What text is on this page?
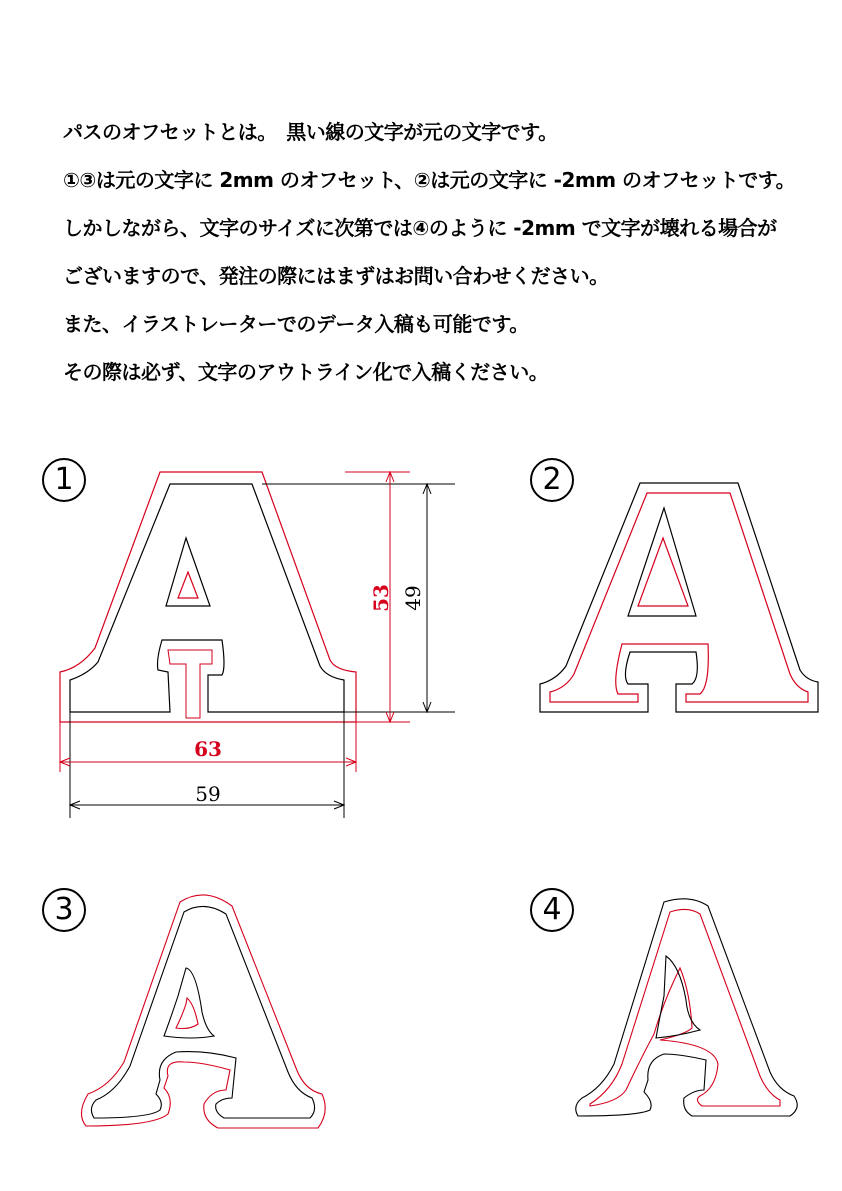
パスのオフセットとは。　黒い線の文字が元の文字です。

①③は元の文字に 2mm のオフセット、②は元の文字に -2mm のオフセットです。

しかしながら、文字のサイズに次第では④のように -2mm で文字が壊れる場合が

ございますので、発注の際にはまずはお問い合わせください。

また、イラストレーターでのデータ入稿も可能です。

その際は必ず、文字のアウトライン化で入稿ください。

1
53 49
63
59
2
3	4
